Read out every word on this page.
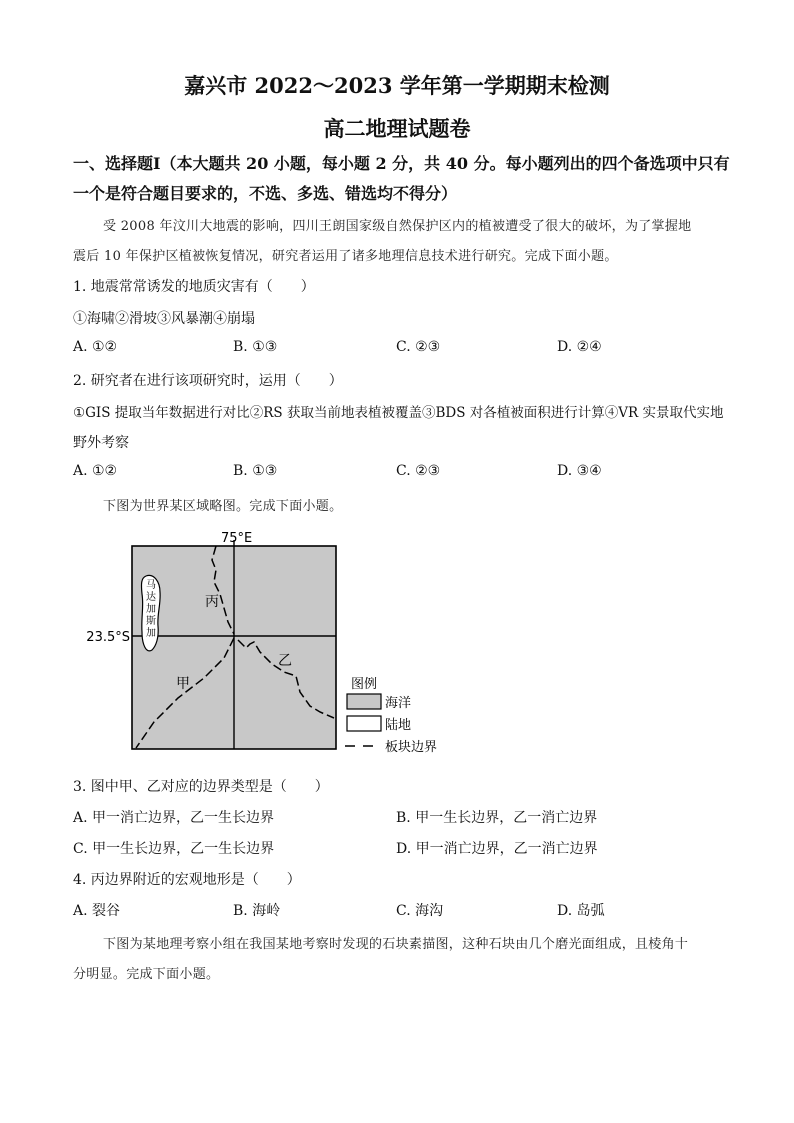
嘉兴市 2022～2023 学年第一学期期末检测
高二地理试题卷
一、选择题Ⅰ（本大题共 20 小题，每小题 2 分，共 40 分。每小题列出的四个备选项中只有
一个是符合题目要求的，不选、多选、错选均不得分）
受 2008 年汶川大地震的影响，四川王朗国家级自然保护区内的植被遭受了很大的破坏，为了掌握地
震后 10 年保护区植被恢复情况，研究者运用了诸多地理信息技术进行研究。完成下面小题。
1. 地震常常诱发的地质灾害有（　　）
①海啸②滑坡③风暴潮④崩塌
A. ①②	B. ①③	C. ②③	D. ②④
2. 研究者在进行该项研究时，运用（　　）
①GIS 提取当年数据进行对比②RS 获取当前地表植被覆盖③BDS 对各植被面积进行计算④VR 实景取代实地
野外考察
A. ①②	B. ①③	C. ②③	D. ③④
下图为世界某区域略图。完成下面小题。
马
达
加
斯
加
75°E
23.5°S
丙
乙
甲	图例
海洋
陆地
板块边界
3. 图中甲、乙对应的边界类型是（　　）
A. 甲一消亡边界，乙一生长边界	B. 甲一生长边界，乙一消亡边界
C. 甲一生长边界，乙一生长边界	D. 甲一消亡边界，乙一消亡边界
4. 丙边界附近的宏观地形是（　　）
A. 裂谷	B. 海岭	C. 海沟	D. 岛弧
下图为某地理考察小组在我国某地考察时发现的石块素描图，这种石块由几个磨光面组成，且棱角十
分明显。完成下面小题。
